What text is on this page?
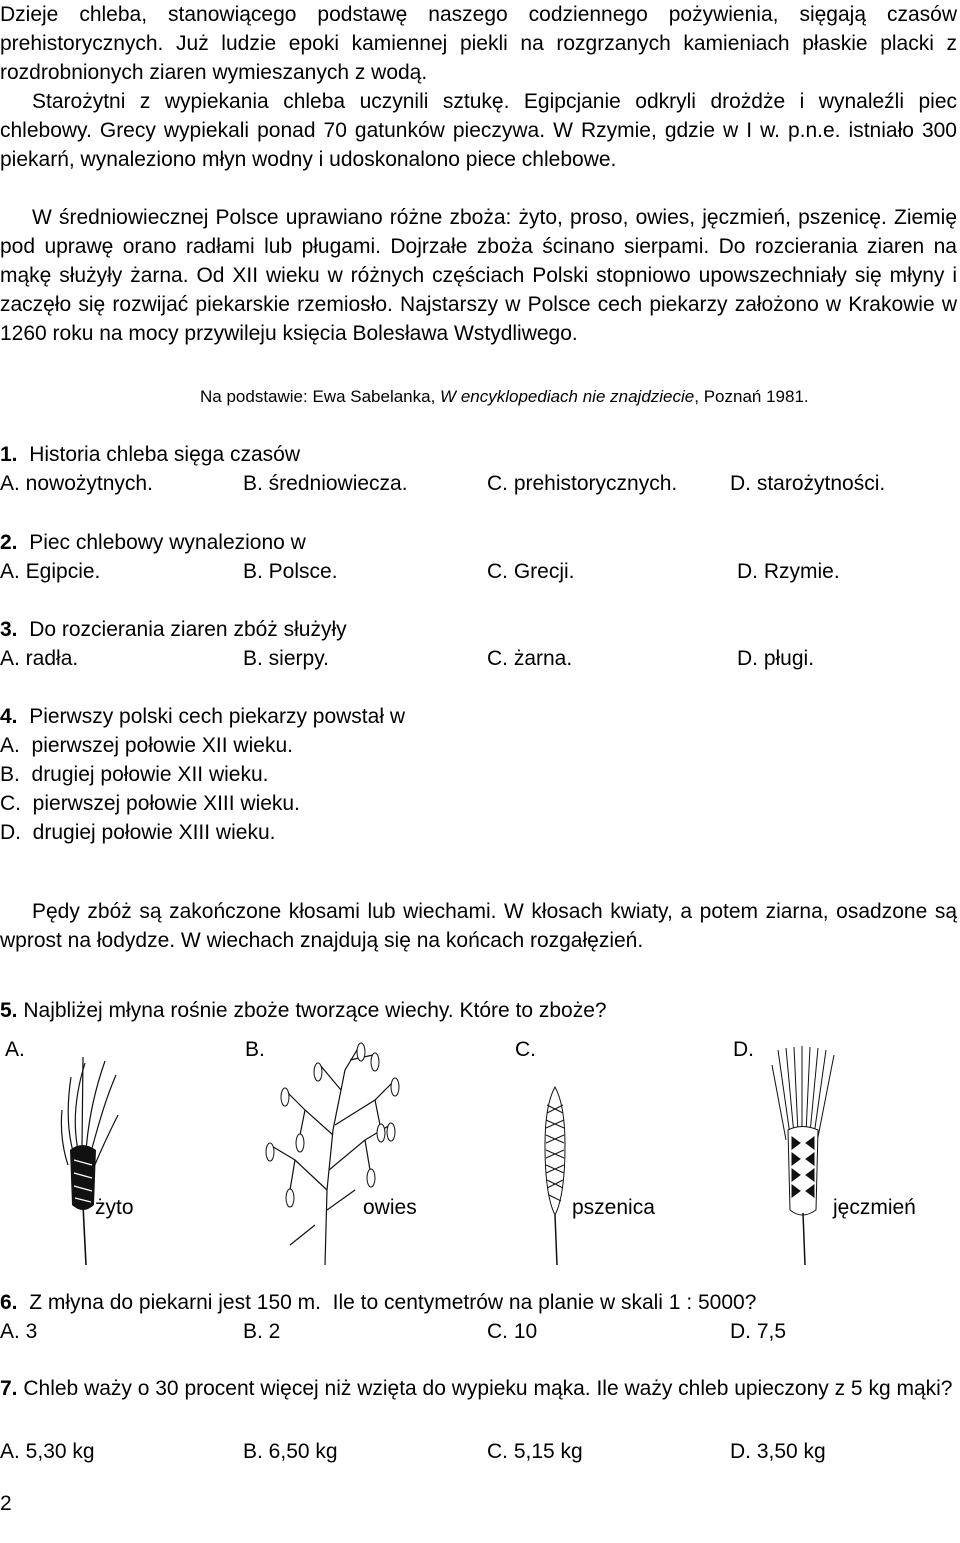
Dzieje chleba, stanowiącego podstawę naszego codziennego pożywienia, sięgają czasów prehistorycznych. Już ludzie epoki kamiennej piekli na rozgrzanych kamieniach płaskie placki z rozdrobnionych ziaren wymieszanych z wodą.

Starożytni z wypiekania chleba uczynili sztukę. Egipcjanie odkryli drożdże i wynaleźli piec chlebowy. Grecy wypiekali ponad 70 gatunków pieczywa. W Rzymie, gdzie w I w. p.n.e. istniało 300 piekarń, wynaleziono młyn wodny i udoskonalono piece chlebowe.

W średniowiecznej Polsce uprawiano różne zboża: żyto, proso, owies, jęczmień, pszenicę. Ziemię pod uprawę orano radłami lub pługami. Dojrzałe zboża ścinano sierpami. Do rozcierania ziaren na mąkę służyły żarna. Od XII wieku w różnych częściach Polski stopniowo upowszechniały się młyny i zaczęło się rozwijać piekarskie rzemiosło. Najstarszy w Polsce cech piekarzy założono w Krakowie w 1260 roku na mocy przywileju księcia Bolesława Wstydliwego.

Na podstawie: Ewa Sabelanka, W encyklopediach nie znajdziecie, Poznań 1981.
1. Historia chleba sięga czasów
A. nowożytnych.	B. średniowiecza.	C. prehistorycznych.	D. starożytności.
2. Piec chlebowy wynaleziono w
A. Egipcie.	B. Polsce.	C. Grecji.	D. Rzymie.
3. Do rozcierania ziaren zbóż służyły
A. radła.	B. sierpy.	C. żarna.	D. pługi.
4. Pierwszy polski cech piekarzy powstał w
A.  pierwszej połowie XII wieku.
B.  drugiej połowie XII wieku.
C.  pierwszej połowie XIII wieku.
D.  drugiej połowie XIII wieku.

Pędy zbóż są zakończone kłosami lub wiechami. W kłosach kwiaty, a potem ziarna, osadzone są wprost na łodydze. W wiechach znajdują się na końcach rozgałęzień.

5. Najbliżej młyna rośnie zboże tworzące wiechy. Które to zboże?
A.	B.	C.	D.
żyto	owies	pszenica	jęczmień
6. Z młyna do piekarni jest 150 m.  Ile to centymetrów na planie w skali 1 : 5000?
A. 3	B. 2	C. 10	D. 7,5

7. Chleb waży o 30 procent więcej niż wzięta do wypieku mąka. Ile waży chleb upieczony z 5 kg mąki?

A. 5,30 kg	B. 6,50 kg	C. 5,15 kg	D. 3,50 kg
2
